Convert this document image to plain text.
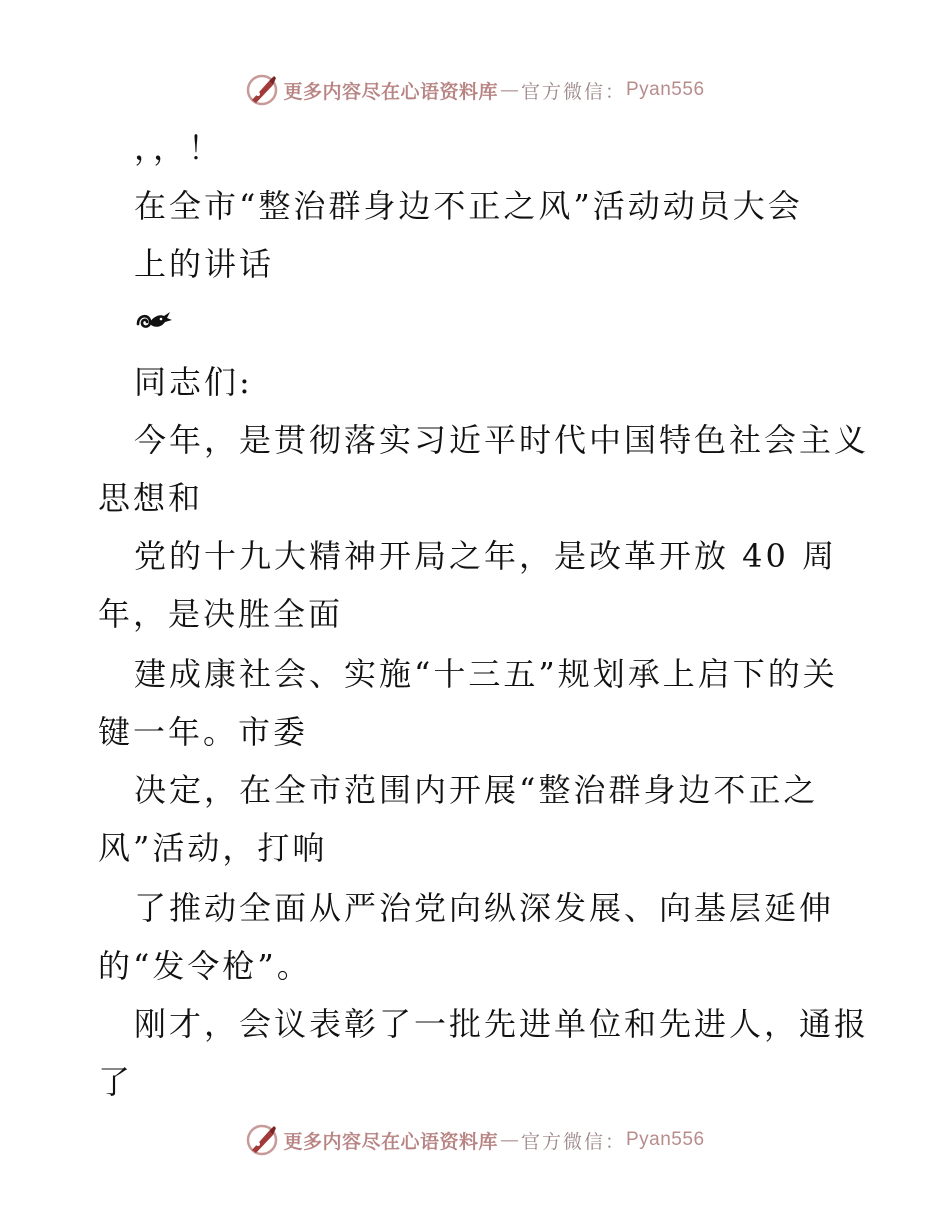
更多内容尽在心语资料库 — 官方微信： Pyan556
，，！
在全市“整治群身边不正之风”活动动员大会
上的讲话
同志们:
今年，是贯彻落实习近平时代中国特色社会主义
思想和
党的十九大精神开局之年，是改革开放 40 周
年，是决胜全面
建成康社会、实施“十三五”规划承上启下的关
键一年。市委
决定，在全市范围内开展“整治群身边不正之
风”活动，打响
了推动全面从严治党向纵深发展、向基层延伸
的“发令枪”。
刚才，会议表彰了一批先进单位和先进人，通报
了
更多内容尽在心语资料库 — 官方微信： Pyan556
